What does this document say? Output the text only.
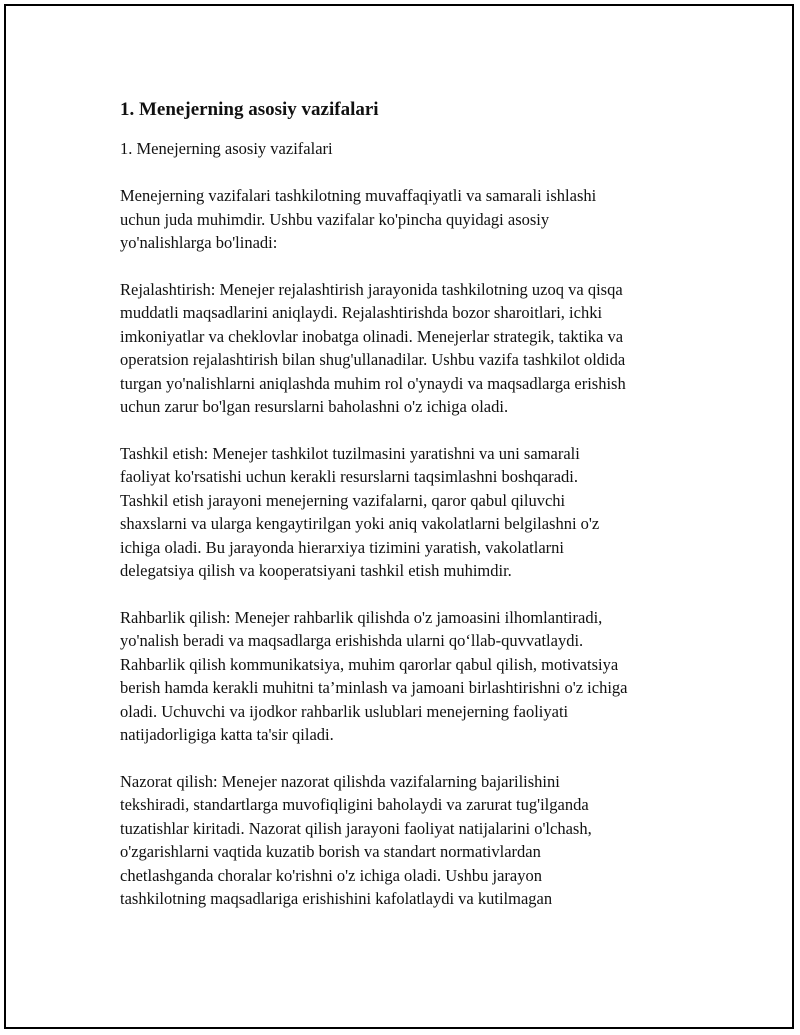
1. Menejerning asosiy vazifalari
1. Menejerning asosiy vazifalari
Menejerning vazifalari tashkilotning muvaffaqiyatli va samarali ishlashi
uchun juda muhimdir. Ushbu vazifalar ko'pincha quyidagi asosiy
yo'nalishlarga bo'linadi:
Rejalashtirish: Menejer rejalashtirish jarayonida tashkilotning uzoq va qisqa
muddatli maqsadlarini aniqlaydi. Rejalashtirishda bozor sharoitlari, ichki
imkoniyatlar va cheklovlar inobatga olinadi. Menejerlar strategik, taktika va
operatsion rejalashtirish bilan shug'ullanadilar. Ushbu vazifa tashkilot oldida
turgan yo'nalishlarni aniqlashda muhim rol o'ynaydi va maqsadlarga erishish
uchun zarur bo'lgan resurslarni baholashni o'z ichiga oladi.
Tashkil etish: Menejer tashkilot tuzilmasini yaratishni va uni samarali
faoliyat ko'rsatishi uchun kerakli resurslarni taqsimlashni boshqaradi.
Tashkil etish jarayoni menejerning vazifalarni, qaror qabul qiluvchi
shaxslarni va ularga kengaytirilgan yoki aniq vakolatlarni belgilashni o'z
ichiga oladi. Bu jarayonda hierarxiya tizimini yaratish, vakolatlarni
delegatsiya qilish va kooperatsiyani tashkil etish muhimdir.
Rahbarlik qilish: Menejer rahbarlik qilishda o'z jamoasini ilhomlantiradi,
yo'nalish beradi va maqsadlarga erishishda ularni qo‘llab-quvvatlaydi.
Rahbarlik qilish kommunikatsiya, muhim qarorlar qabul qilish, motivatsiya
berish hamda kerakli muhitni ta’minlash va jamoani birlashtirishni o'z ichiga
oladi. Uchuvchi va ijodkor rahbarlik uslublari menejerning faoliyati
natijadorligiga katta ta'sir qiladi.
Nazorat qilish: Menejer nazorat qilishda vazifalarning bajarilishini
tekshiradi, standartlarga muvofiqligini baholaydi va zarurat tug'ilganda
tuzatishlar kiritadi. Nazorat qilish jarayoni faoliyat natijalarini o'lchash,
o'zgarishlarni vaqtida kuzatib borish va standart normativlardan
chetlashganda choralar ko'rishni o'z ichiga oladi. Ushbu jarayon
tashkilotning maqsadlariga erishishini kafolatlaydi va kutilmagan
